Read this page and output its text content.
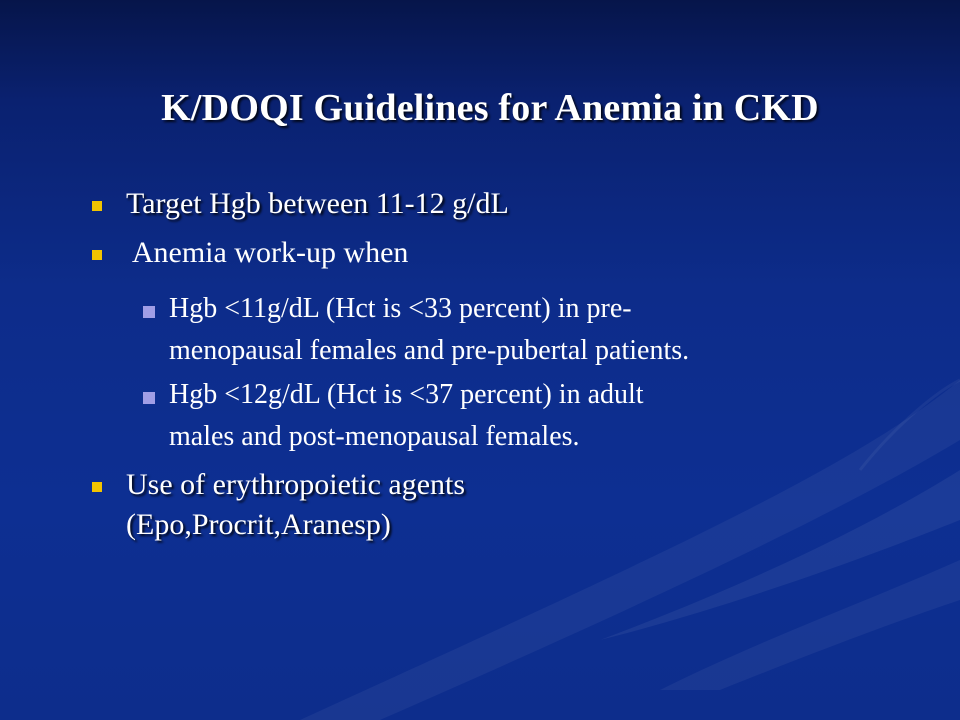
K/DOQI Guidelines for Anemia in CKD
Target Hgb between 11-12 g/dL
Anemia work-up when
Hgb <11g/dL (Hct is <33 percent) in pre-
menopausal females and pre-pubertal patients.
Hgb <12g/dL (Hct is <37 percent) in adult
males and post-menopausal females.
Use of erythropoietic agents
(Epo,Procrit,Aranesp)
